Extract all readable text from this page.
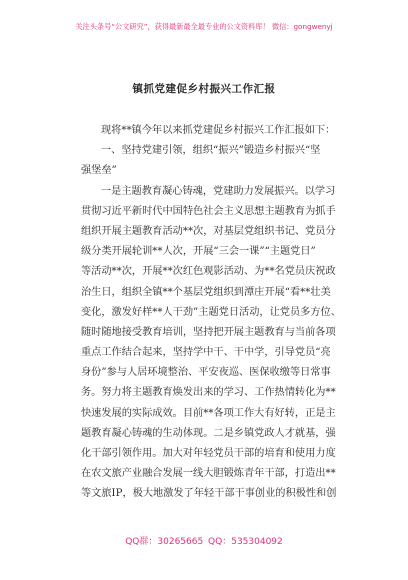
关注头条号“公文研究”，获得最新最全最专业的公文资料库！ 微信：gongwenyj
镇抓党建促乡村振兴工作汇报
现将**镇今年以来抓党建促乡村振兴工作汇报如下：
一、坚持党建引领，组织“振兴”锻造乡村振兴“坚
强堡垒”
一是主题教育凝心铸魂，党建助力发展振兴。以学习
贯彻习近平新时代中国特色社会主义思想主题教育为抓手
组织开展主题教育活动**次，对基层党组织书记、党员分
级分类开展轮训**人次，开展“三会一课”“主题党日”
等活动**次，开展**次红色观影活动、为**名党员庆祝政
治生日，组织全镇**个基层党组织到潭庄开展“看**壮美
变化，激发好样**人干劲”主题党日活动，让党员多方位、
随时随地接受教育培训，坚持把开展主题教育与当前各项
重点工作结合起来，坚持学中干、干中学，引导党员“亮
身份”参与人居环境整治、平安夜巡、医保收缴等日常事
务。努力将主题教育焕发出来的学习、工作热情转化为**
快速发展的实际成效。目前**各项工作大有好转，正是主
题教育凝心铸魂的生动体现。二是乡镇党政人才就基，强
化干部引领作用。加大对年轻党员干部的培育和使用力度
在农文旅产业融合发展一线大胆锻炼青年干部，打造出**
等文旅IP，极大地激发了年轻干部干事创业的积极性和创
QQ群：30265665 QQ：535304092
